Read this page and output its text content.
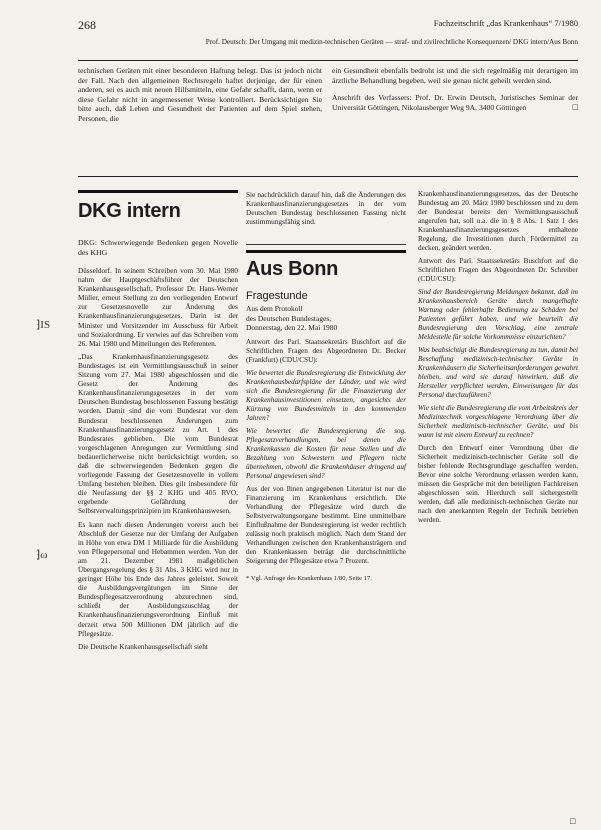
268	Fachzeitschrift „das Krankenhaus“ 7/1980
Prof. Deutsch: Der Umgang mit medizin-technischen Geräten — straf- und zivilrechtliche Konsequenzen/ DKG intern/Aus Bonn

technischen Geräten mit einer besonderen Haftung belegt. Das ist jedoch nicht der Fall. Nach den allgemeinen Rechtsregeln haftet derjenige, der für einen anderen, sei es auch mit neuen Hilfsmitteln, eine Gefahr schafft, dann, wenn er diese Gefahr nicht in angemessener Weise kontrolliert. Berücksichtigen Sie bitte auch, daß Leben und Gesundheit der Patienten auf dem Spiel stehen, Personen, die

ein Gesundheit ebenfalls bedroht ist und die sich regelmäßig mit derartigen im ärztliche Behandlung begeben, weil sie genau nicht geheilt werden sind.

Anschrift des Verfassers: Prof. Dr. Erwin Deutsch, Juristisches Seminar der Universität Göttingen, Nikolausberger Weg 9A, 3400 Göttingen	□

DKG intern

DKG: Schwerwiegende Bedenken gegen Novelle des KHG

Düsseldorf. In seinem Schreiben vom 30. Mai 1980 nahm der Hauptgeschäftsführer der Deutschen Krankenhausgesellschaft, Professor Dr. Hans-Werner Müller, erneut Stellung zu den vorliegenden Entwurf zur Gesetzesnovelle zur Änderung des Krankenhausfinanzierungsgesetzes. Darin ist der Minister und Vorsitzender im Ausschuss für Arbeit und Sozialordnung. Er verwies auf das Schreiben vom 26. Mai 1980 und Mitteilungen des Referenten.

„Das Krankenhausfinanzierungsgesetz des Bundestages ist ein Vermittlungsausschuß in seiner Sitzung vom 27. Mai 1980 abgeschlossen und die Gesetz der Änderung des Krankenhausfinanzierungsgesetzes in der vom Deutschen Bundestag beschlossenen Fassung bestätigt worden. Damit sind die vom Bundesrat vor dem Bundesrat beschlossenen Änderungen zum Krankenhausfinanzierungsgesetz zu Art. 1 des Bundesrates geblieben. Die vom Bundesrat vorgeschlagenen Anregungen zur Vermittlung sind bedauerlicherweise nicht berücksichtigt worden, so daß die schwerwiegenden Bedenken gegen die vorliegende Fassung der Gesetzesnovelle in vollem Umfang bestehen bleiben. Dies gilt insbesondere für die Neufassung der §§ 2 KHG und 405 RVO, ergebende Gefährdung der Selbstverwaltungsprinzipien im Krankenhauswesen.

Es kann nach diesen Änderungen vorerst auch bei Abschluß der Gesetze nur der Umfang der Aufgaben in Höhe von etwa DM 1 Milliarde für die Ausbildung von Pflegepersonal und Hebammen werden. Von der am 21. Dezember 1981 maßgeblichen Übergangsregelung des § 31 Abs. 3 KHG wird nur in geringer Höhe bis Ende des Jahres geleistet. Soweit die Ausbildungsvergütungen im Sinne der Bundespflegesatzverordnung abzurechnen sind, schließt der Ausbildungszuschlag der Krankenhausfinanzierungsverordnung Einfluß mit derzeit etwa 500 Millionen DM jährlich auf die Pflegesätze.

Die Deutsche Krankenhausgesellschaft sieht

⁆IS
⁆ω

Sie nachdrücklich darauf hin, daß die Änderungen des Krankenhausfinanzierungsgesetzes in der vom Deutschen Bundestag beschlossenen Fassung nicht zustimmungsfähig sind.

Aus Bonn
Fragestunde
Aus dem Protokoll
des Deutschen Bundestages,
Donnerstag, den 22. Mai 1980

Antwort des Parl. Staatssekretärs Buschfort auf die Schriftlichen Fragen des Abgeordneten Dr. Becker (Frankfurt) (CDU/CSU):

Wie bewertet die Bundesregierung die Entwicklung der Krankenhausbedarfspläne der Länder, und wie wird sich die Bundesregierung für die Finanzierung der Krankenhausinvestitionen einsetzen, angesichts der Kürzung von Bundesmitteln in den kommenden Jahren?

Wie bewertet die Bundesregierung die sog. Pflegesatzverhandlungen, bei denen die Krankenkassen die Kosten für neue Stellen und die Bezahlung von Schwestern und Pflegern nicht übernehmen, obwohl die Krankenhäuser dringend auf Personal angewiesen sind?

Aus der von Ihnen angegebenen Literatur ist nur die Finanzierung im Krankenhaus ersichtlich. Die Verhandlung der Pflegesätze wird durch die Selbstverwaltungsorgane bestimmt. Eine unmittelbare Einflußnahme der Bundesregierung ist weder rechtlich zulässig noch praktisch möglich. Nach dem Stand der Verhandlungen zwischen den Krankenhausträgern und den Krankenkassen beträgt die durchschnittliche Steigerung der Pflegesätze etwa 7 Prozent.

* Vgl. Anfrage des Krankenhaus 1/80, Seite 17.

Krankenhausfinanzierungsgesetzes, das der Deutsche Bundestag am 20. März 1980 beschlossen und zu dem der Bundesrat bereits den Vermittlungsausschuß angerufen hat, soll u.a. die in § 8 Abs. 1 Satz 1 des Krankenhausfinanzierungsgesetzes enthaltene Regelung, die Investitionen durch Fördermittel zu decken, geändert werden.

Antwort des Parl. Staatssekretärs Buschfort auf die Schriftlichen Fragen des Abgeordneten Dr. Schreiber (CDU/CSU):

Sind der Bundesregierung Meldungen bekannt, daß im Krankenhausbereich Geräte durch mangelhafte Wartung oder fehlerhafte Bedienung zu Schäden bei Patienten geführt haben, und wie beurteilt die Bundesregierung den Vorschlag, eine zentrale Meldestelle für solche Vorkommnisse einzurichten?

Was beabsichtigt die Bundesregierung zu tun, damit bei Beschaffung medizinisch-technischer Geräte in Krankenhäusern die Sicherheitsanforderungen gewahrt bleiben, und wird sie darauf hinwirken, daß die Hersteller verpflichtet werden, Einweisungen für das Personal durchzuführen?

Wie sieht die Bundesregierung die vom Arbeitskreis der Medizintechnik vorgeschlagene Verordnung über die Sicherheit medizinisch-technischer Geräte, und bis wann ist mit einem Entwurf zu rechnen?

Durch den Entwurf einer Verordnung über die Sicherheit medizinisch-technischer Geräte soll die bisher fehlende Rechtsgrundlage geschaffen werden. Bevor eine solche Verordnung erlassen werden kann, müssen die Gespräche mit den beteiligten Fachkreisen abgeschlossen sein. Hierdurch soll sichergestellt werden, daß alle medizinisch-technischen Geräte nur nach den anerkannten Regeln der Technik betrieben werden.

□
